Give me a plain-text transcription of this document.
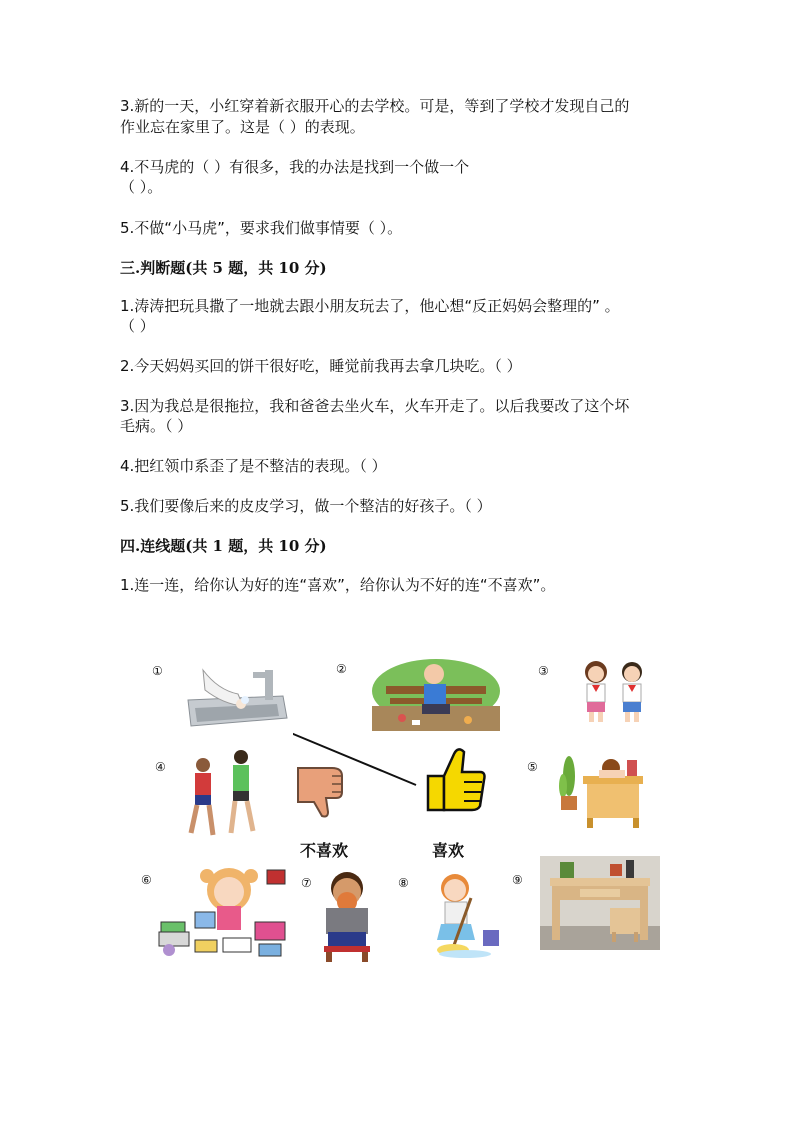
3.新的一天，小红穿着新衣服开心的去学校。可是，等到了学校才发现自己的
作业忘在家里了。这是（ ）的表现。
4.不马虎的（ ）有很多，我的办法是找到一个做一个
（ ）。
5.不做“小马虎”，要求我们做事情要（ ）。
三.判断题(共 5 题，共 10 分)
1.涛涛把玩具撒了一地就去跟小朋友玩去了，他心想“反正妈妈会整理的” 。
（ ）
2.今天妈妈买回的饼干很好吃，睡觉前我再去拿几块吃。（ ）
3.因为我总是很拖拉，我和爸爸去坐火车，火车开走了。以后我要改了这个坏
毛病。（ ）
4.把红领巾系歪了是不整洁的表现。（ ）
5.我们要像后来的皮皮学习，做一个整洁的好孩子。（ ）
四.连线题(共 1 题，共 10 分)
1.连一连，给你认为好的连“喜欢”，给你认为不好的连“不喜欢”。
①	②	③
④
不喜欢	喜欢
⑤
⑥	⑦	⑧	⑨
